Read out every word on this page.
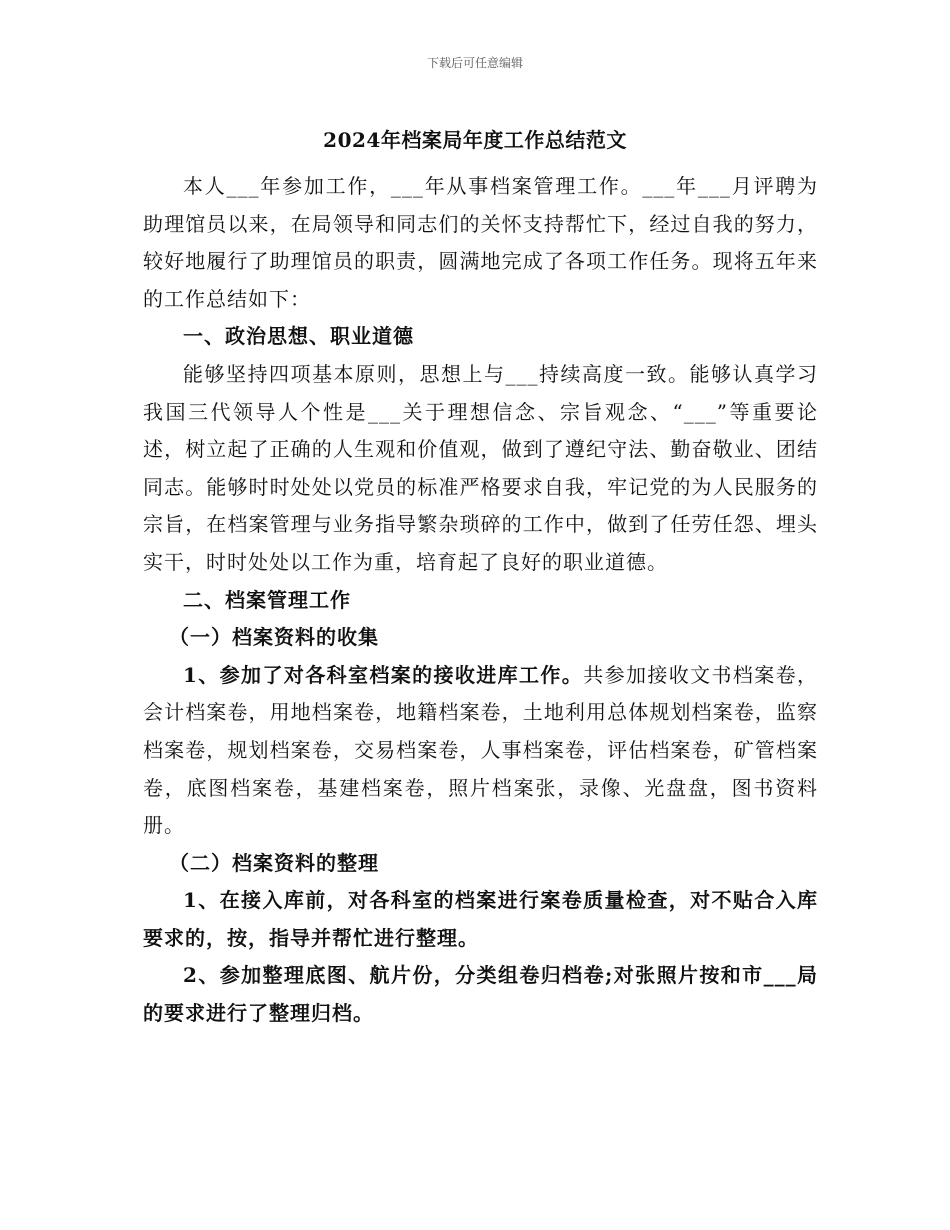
下载后可任意编辑
2024年档案局年度工作总结范文

本人___年参加工作，___年从事档案管理工作。___年___月评聘为助理馆员以来，在局领导和同志们的关怀支持帮忙下，经过自我的努力，较好地履行了助理馆员的职责，圆满地完成了各项工作任务。现将五年来的工作总结如下：

一、政治思想、职业道德

能够坚持四项基本原则，思想上与___持续高度一致。能够认真学习我国三代领导人个性是___关于理想信念、宗旨观念、“___”等重要论述，树立起了正确的人生观和价值观，做到了遵纪守法、勤奋敬业、团结同志。能够时时处处以党员的标准严格要求自我，牢记党的为人民服务的宗旨，在档案管理与业务指导繁杂琐碎的工作中，做到了任劳任怨、埋头实干，时时处处以工作为重，培育起了良好的职业道德。

二、档案管理工作

（一）档案资料的收集

1、参加了对各科室档案的接收进库工作。共参加接收文书档案卷，会计档案卷，用地档案卷，地籍档案卷，土地利用总体规划档案卷，监察档案卷，规划档案卷，交易档案卷，人事档案卷，评估档案卷，矿管档案卷，底图档案卷，基建档案卷，照片档案张，录像、光盘盘，图书资料册。

（二）档案资料的整理

1、在接入库前，对各科室的档案进行案卷质量检查，对不贴合入库要求的，按，指导并帮忙进行整理。

2、参加整理底图、航片份，分类组卷归档卷;对张照片按和市___局的要求进行了整理归档。
